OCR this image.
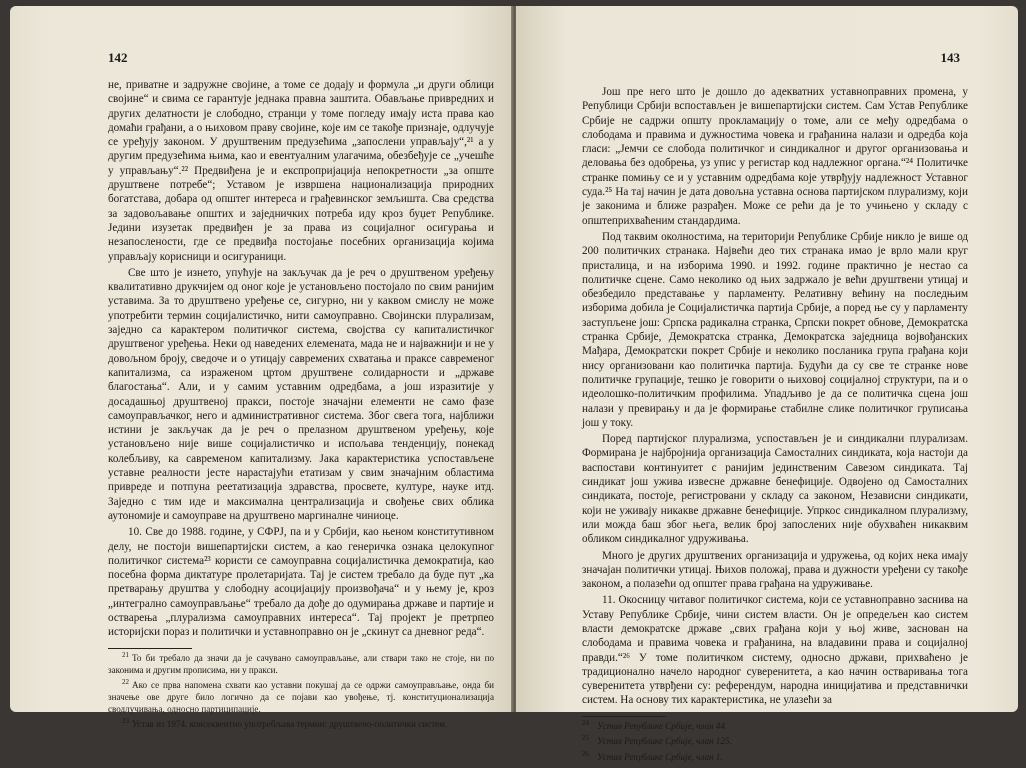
142

не, приватне и задружне својине, а томе се додају и формула „и други облици својине“ и свима се гарантује једнака правна заштита. Обављање привредних и других делатности је слободно, странци у томе погледу имају иста права као домаћи грађани, а о њиховом праву својине, које им се такође признаје, одлучује се уређују законом. У друштвеним предузећима „запослени управљају“,²¹ а у другим предузећима њима, као и евентуалним улагачима, обезбеђује се „учешће у управљању“.²² Предвиђена је и експропријација непокретности „за опште друштвене потребе“; Уставом је извршена национализација природних богатстава, добара од општег интереса и грађевинског земљишта. Сва средства за задовољавање општих и заједничких потреба иду кроз буџет Републике. Једини изузетак предвиђен је за права из социјалног осигурања и незапослености, где се предвиђа постојање посебних организација којима управљају корисници и осигураници.

Све што је изнето, упућује на закључак да је реч о друштвеном уређењу квалитативно друкчијем од оног које је установљено постојало по свим ранијим уставима. За то друштвено уређење се, сигурно, ни у каквом смислу не може употребити термин социјалистичко, нити самоуправно. Својински плурализам, заједно са карактером политичког система, својства су капиталистичког друштвеног уређења. Неки од наведених елемената, мада не и најважнији и не у довољном броју, сведоче и о утицају савремених схватања и праксе савременог капитализма, са израженом цртом друштвене солидарности и „државе благостања“. Али, и у самим уставним одредбама, а још изразитије у досадашњој друштвеној пракси, постоје значајни елементи не само фазе самоуправљачког, него и административног система. Због свега тога, најближи истини је закључак да је реч о прелазном друштвеном уређењу, које установљено није више социјалистичко и испољава тенденцију, понекад колебљиву, ка савременом капитализму. Јака карактеристика успостављене уставне реалности јесте нарастајући етатизам у свим значајним областима привреде и потпуна реетатизација здравства, просвете, културе, науке итд. Заједно с тим иде и максимална централизација и свођење свих облика аутономије и самоуправе на друштвено маргиналне чиниоце.

10. Све до 1988. године, у СФРЈ, па и у Србији, као њеном конститутивном делу, не постоји вишепартијски систем, а као генеричка ознака целокупног политичког система²³ користи се самоуправна социјалистичка демократија, као посебна форма диктатуре пролетаријата. Тај је систем требало да буде пут „ка претварању друштва у слободну асоцијацију произвођача“ и у њему је, кроз „интегрално самоуправљање“ требало да дође до одумирања државе и партије и остварења „плурализма самоуправних интереса“. Тај пројект је претрпео историјски пораз и политички и уставноправно он је „скинут са дневног реда“.

$^{21}$ То би требало да значи да је сачувано самоуправљање, али ствари тако не стоје, ни по законима и другим прописима, ни у пракси.

$^{22}$ Ако се прва напомена схвати као уставни покушај да се одржи самоуправљање, онда би значење ове друге било логично да се појави као увођење, тј. конституционализација сводлучивања, односно партиципације.

$^{23}$ Устав из 1974. консеквентно употребљава термин: друштвено-политички систем.

143

Још пре него што је дошло до адекватних уставноправних промена, у Републици Србији вспостављен је вишепартијски систем. Сам Устав Републике Србије не садржи општу прокламацију о томе, али се међу одредбама о слободама и правима и дужностима човека и грађанина налази и одредба која гласи: „Јемчи се слобода политичког и синдикалног и другог организовања и деловања без одобрења, уз упис у регистар код надлежног органа.“²⁴ Политичке странке помињу се и у уставним одредбама које утврђују надлежност Уставног суда.²⁵ На тај начин је дата довољна уставна основа партијском плурализму, који је законима и ближе разрађен. Може се рећи да је то учињено у складу с општеприхваћеним стандардима.

Под таквим околностима, на територији Републике Србије никло је више од 200 политичких странака. Највећи део тих странака имао је врло мали круг присталица, и на изборима 1990. и 1992. године практично је нестао са политичке сцене. Само неколико од њих задржало је већи друштвени утицај и обезбедило представање у парламенту. Релативну већину на последњим изборима добила је Социјалистичка партија Србије, а поред ње су у парламенту заступљене још: Српска радикална странка, Српски покрет обнове, Демократска странка Србије, Демократска странка, Демократска заједница војвођанских Мађара, Демократски покрет Србије и неколико посланика група грађана који нису организовани као политичка партија. Будући да су све те странке нове политичке групације, тешко је говорити о њиховој социјалној структури, па и о идеолошко-политичким профилима. Упадљиво је да се политичка сцена још налази у превирању и да је формирање стабилне слике политичког груписања још у току.

Поред партијског плурализма, успостављен је и синдикални плурализам. Формирана је најбројнија организација Самосталних синдиката, која настоји да васпостави континуитет с ранијим јединственим Савезом синдиката. Тај синдикат још ужива извесне државне бенефиције. Одвојено од Самосталних синдиката, постоје, регистровани у складу са законом, Независни синдикати, који не уживају никакве државне бенефиције. Упркос синдикалном плурализму, или можда баш због њега, велик број запослених није обухваћен никаквим обликом синдикалног удруживања.

Много је других друштвених организација и удружења, од којих нека имају значајан политички утицај. Њихов положај, права и дужности уређени су такође законом, а полазећи од општег права грађана на удруживање.

11. Окосницу читавог политичког система, који се уставноправно заснива на Уставу Републике Србије, чини систем власти. Он је опредељен као систем власти демократске државе „свих грађана који у њој живе, заснован на слободама и правима човека и грађанина, на владавини права и социјалној правди.“²⁶ У томе политичком систему, односно држави, прихваћено је традиционално начело народног суверенитета, а као начин остваривања тога суверенитета утврђени су: референдум, народна иницијатива и представнички систем. На основу тих карактеристика, не улазећи за

$^{24}$ Устав Републике Србије, члан 44.

$^{25}$ Устав Републике Србије, члан 125.

$^{26}$ Устав Републике Србије, члан 1.
